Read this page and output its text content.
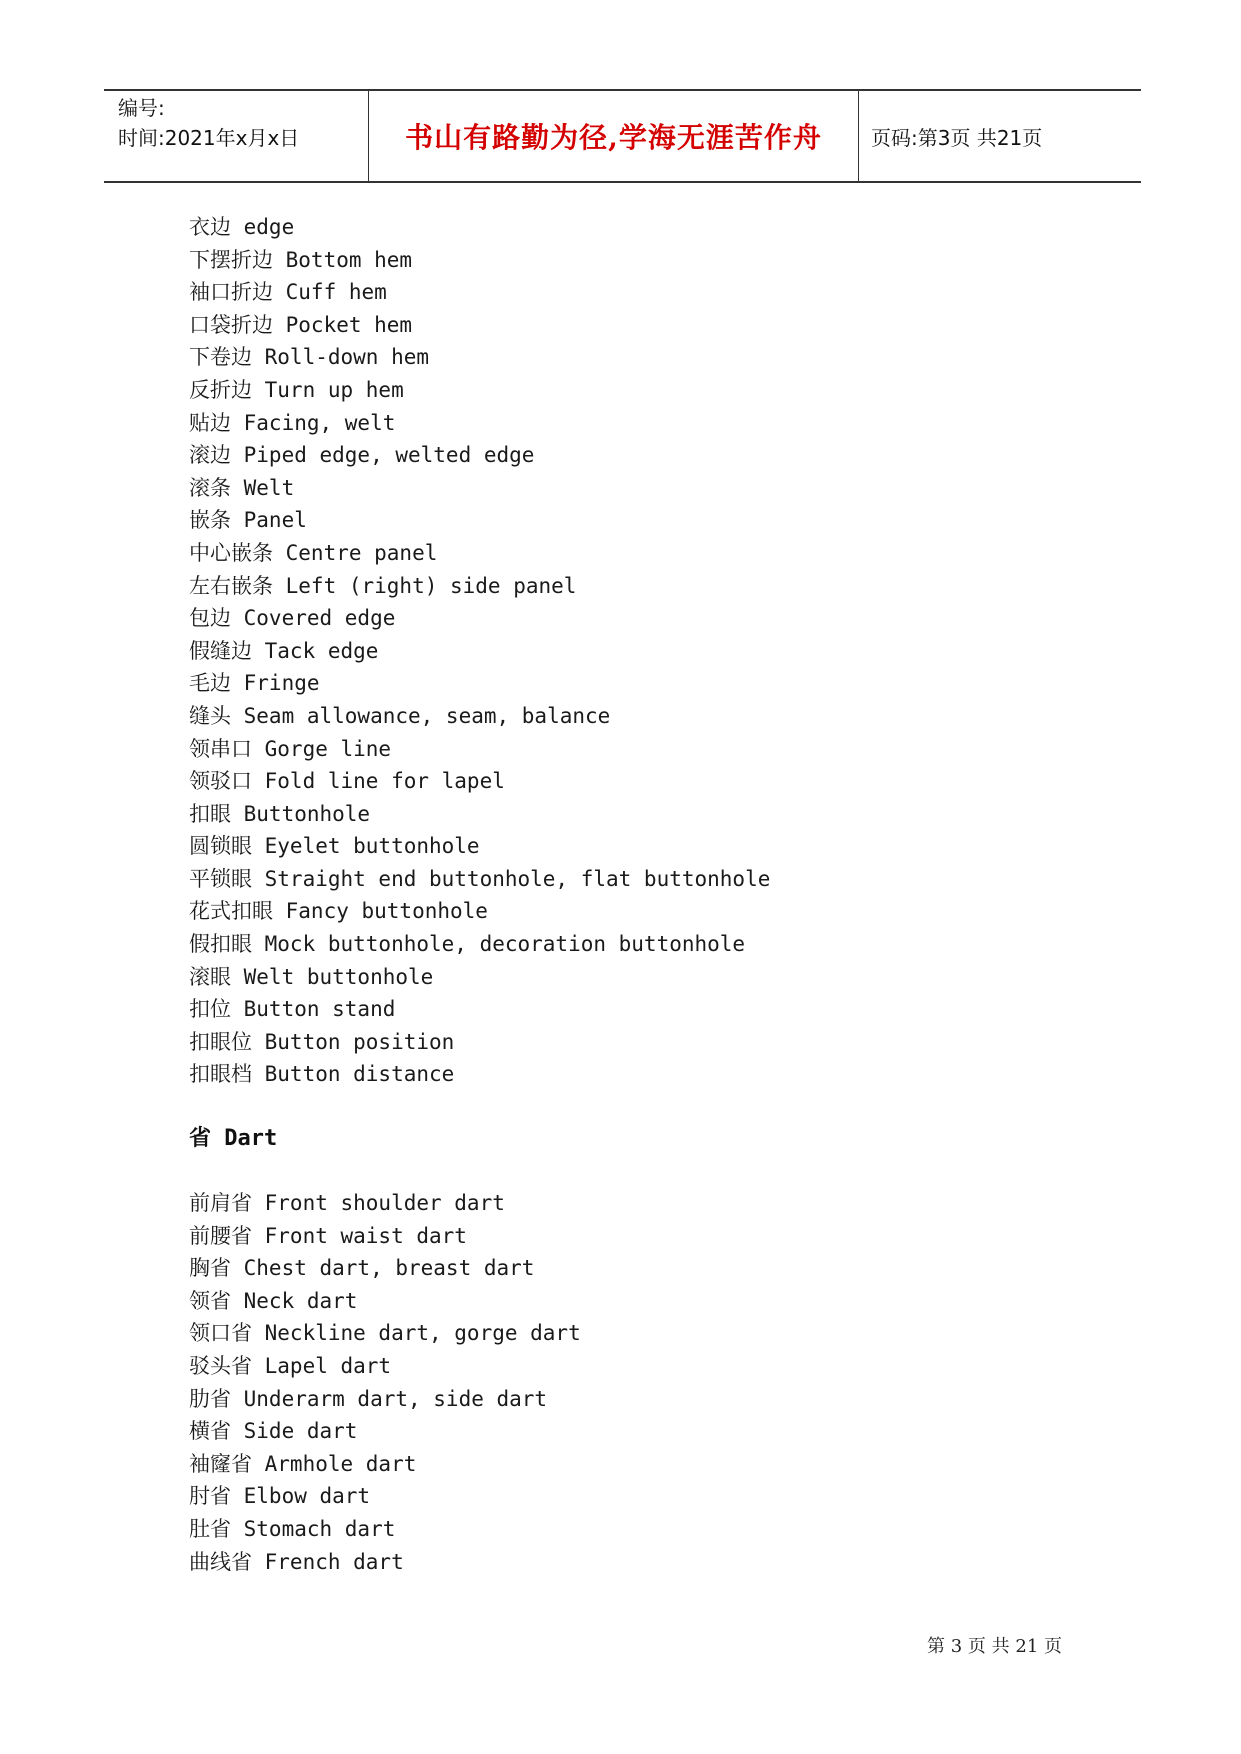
编号:
时间:2021年x月x日	书山有路勤为径,学海无涯苦作舟 页码:第3页 共21页
衣边 edge
下摆折边 Bottom hem
袖口折边 Cuff hem
口袋折边 Pocket hem
下卷边 Roll-down hem
反折边 Turn up hem
贴边 Facing, welt
滚边 Piped edge, welted edge
滚条 Welt
嵌条 Panel
中心嵌条 Centre panel
左右嵌条 Left (right) side panel
包边 Covered edge
假缝边 Tack edge
毛边 Fringe
缝头 Seam allowance, seam, balance
领串口 Gorge line
领驳口 Fold line for lapel
扣眼 Buttonhole
圆锁眼 Eyelet buttonhole
平锁眼 Straight end buttonhole, flat buttonhole
花式扣眼 Fancy buttonhole
假扣眼 Mock buttonhole, decoration buttonhole
滚眼 Welt buttonhole
扣位 Button stand
扣眼位 Button position
扣眼档 Button distance
省 Dart
前肩省 Front shoulder dart
前腰省 Front waist dart
胸省 Chest dart, breast dart
领省 Neck dart
领口省 Neckline dart, gorge dart
驳头省 Lapel dart
肋省 Underarm dart, side dart
横省 Side dart
袖窿省 Armhole dart
肘省 Elbow dart
肚省 Stomach dart
曲线省 French dart
第 3 页 共 21 页
